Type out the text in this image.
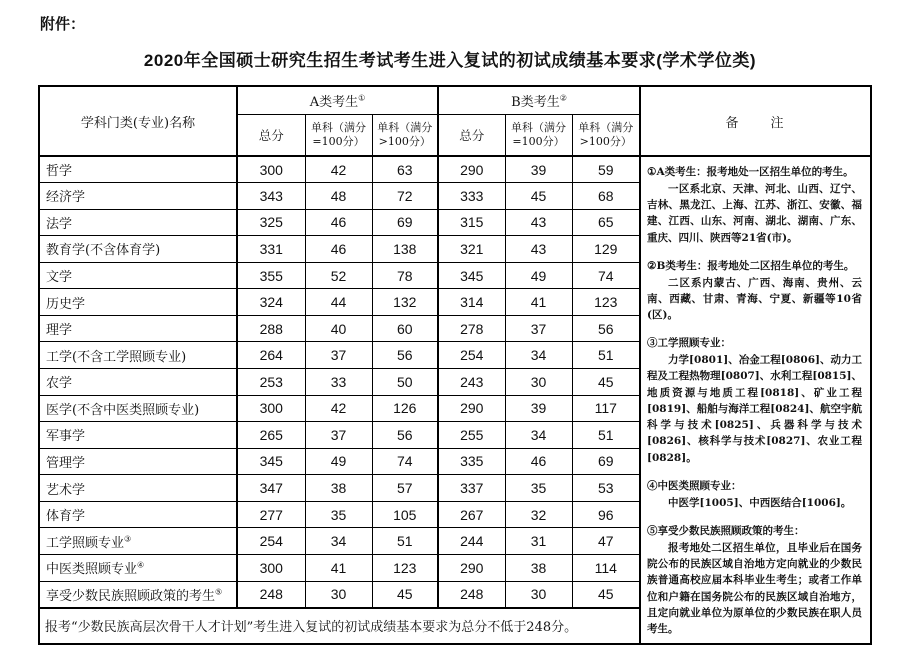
附件：
2020年全国硕士研究生招生考试考生进入复试的初试成绩基本要求(学术学位类)
学科门类(专业)名称	A类考生①			B类考生②			备　　注
	总分	单科（满分=100分）	单科（满分>100分）	总分	单科（满分=100分）	单科（满分>100分）	
哲学	300	42	63	290	39	59	①A类考生：报考地处一区招生单位的考生。

一区系北京、天津、河北、山西、辽宁、吉林、黑龙江、上海、江苏、浙江、安徽、福建、江西、山东、河南、湖北、湖南、广东、重庆、四川、陕西等21省(市)。

②B类考生：报考地处二区招生单位的考生。

二区系内蒙古、广西、海南、贵州、云南、西藏、甘肃、青海、宁夏、新疆等10省(区)。

③工学照顾专业：

力学[0801]、冶金工程[0806]、动力工程及工程热物理[0807]、水利工程[0815]、地质资源与地质工程[0818]、矿业工程[0819]、船舶与海洋工程[0824]、航空宇航科学与技术[0825]、兵器科学与技术[0826]、核科学与技术[0827]、农业工程[0828]。

④中医类照顾专业：

中医学[1005]、中西医结合[1006]。

⑤享受少数民族照顾政策的考生：

报考地处二区招生单位，且毕业后在国务院公布的民族区域自治地方定向就业的少数民族普通高校应届本科毕业生考生；或者工作单位和户籍在国务院公布的民族区域自治地方，且定向就业单位为原单位的少数民族在职人员考生。

经济学	343	48	72	333	45	68	
法学	325	46	69	315	43	65	
教育学(不含体育学)	331	46	138	321	43	129	
文学	355	52	78	345	49	74	
历史学	324	44	132	314	41	123	
理学	288	40	60	278	37	56	
工学(不含工学照顾专业)	264	37	56	254	34	51	
农学	253	33	50	243	30	45	
医学(不含中医类照顾专业)	300	42	126	290	39	117	
军事学	265	37	56	255	34	51	
管理学	345	49	74	335	46	69	
艺术学	347	38	57	337	35	53	
体育学	277	35	105	267	32	96	
工学照顾专业③	254	34	51	244	31	47	
中医类照顾专业④	300	41	123	290	38	114	
享受少数民族照顾政策的考生⑤	248	30	45	248	30	45	
报考“少数民族高层次骨干人才计划”考生进入复试的初试成绩基本要求为总分不低于248分。							
